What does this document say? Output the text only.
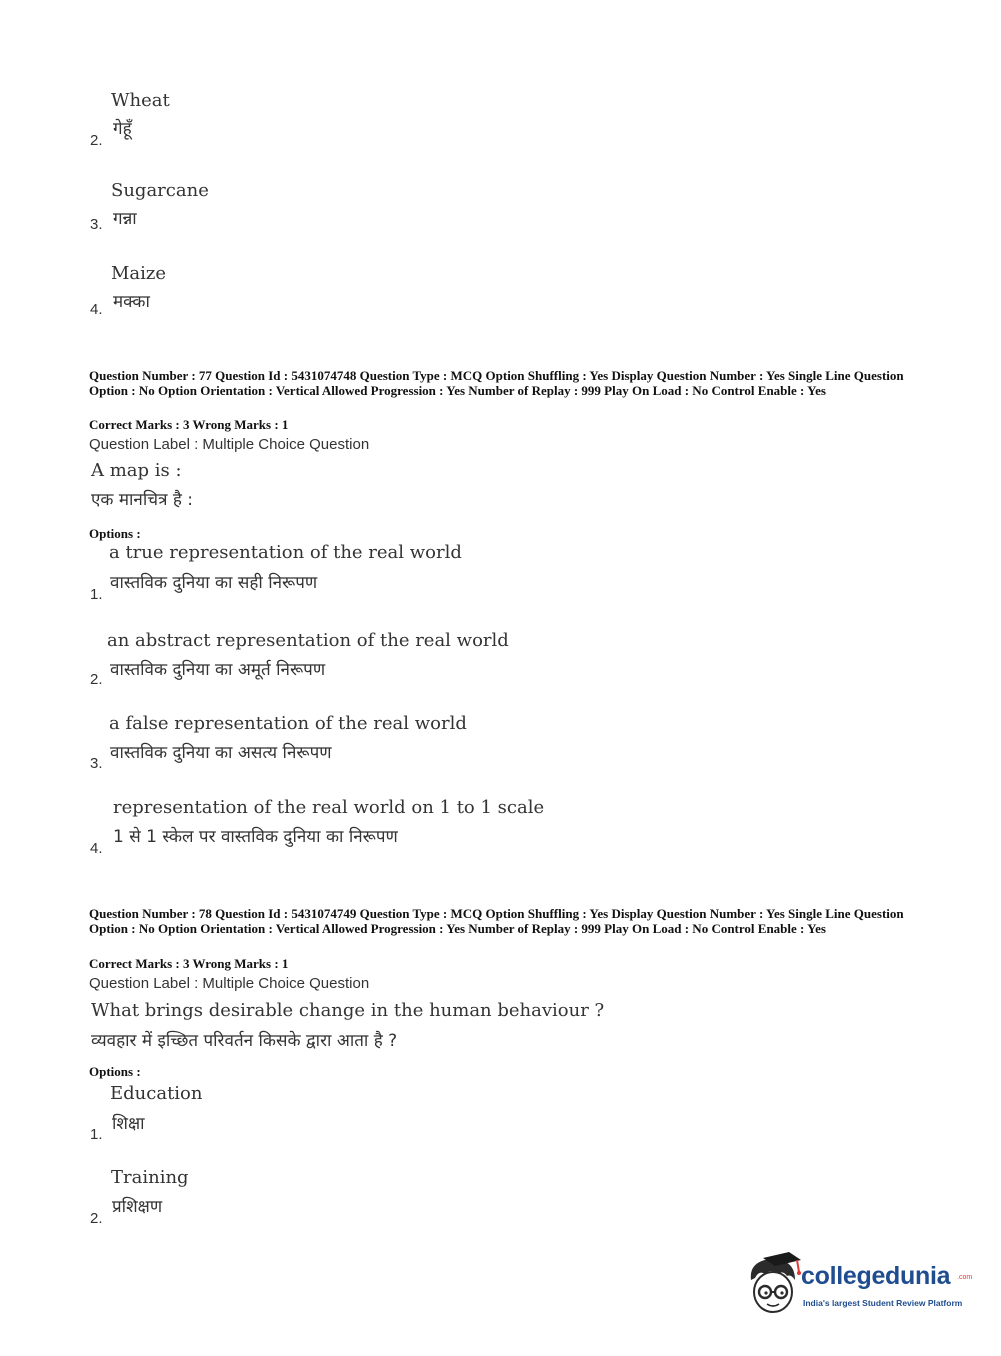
Wheat
गेहूँ
2.
Sugarcane
गन्ना
3.
Maize
मक्का
4.
Question Number : 77 Question Id : 5431074748 Question Type : MCQ Option Shuffling : Yes Display Question Number : Yes Single Line Question Option : No Option Orientation : Vertical Allowed Progression : Yes Number of Replay : 999 Play On Load : No Control Enable : Yes
Correct Marks : 3 Wrong Marks : 1
Question Label : Multiple Choice Question
A map is :
एक मानचित्र है :
Options :
a true representation of the real world
वास्तविक दुनिया का सही निरूपण
1.
an abstract representation of the real world
वास्तविक दुनिया का अमूर्त निरूपण
2.
a false representation of the real world
वास्तविक दुनिया का असत्य निरूपण
3.
representation of the real world on 1 to 1 scale
1 से 1 स्केल पर वास्तविक दुनिया का निरूपण
4.
Question Number : 78 Question Id : 5431074749 Question Type : MCQ Option Shuffling : Yes Display Question Number : Yes Single Line Question Option : No Option Orientation : Vertical Allowed Progression : Yes Number of Replay : 999 Play On Load : No Control Enable : Yes
Correct Marks : 3 Wrong Marks : 1
Question Label : Multiple Choice Question
What brings desirable change in the human behaviour ?
व्यवहार में इच्छित परिवर्तन किसके द्वारा आता है ?
Options :
Education
शिक्षा
1.
Training
प्रशिक्षण
2.
collegedunia .com
India's largest Student Review Platform
